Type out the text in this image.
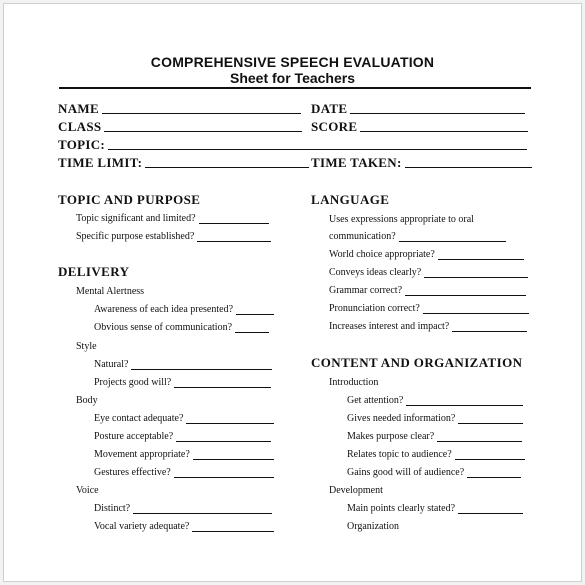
COMPREHENSIVE SPEECH EVALUATION
Sheet for Teachers
NAME	DATE
CLASS	SCORE
TOPIC:
TIME LIMIT:	TIME TAKEN:
TOPIC AND PURPOSE
Topic significant and limited?
Specific purpose established?
DELIVERY
Mental Alertness
Awareness of each idea presented?
Obvious sense of communication?
Style
Natural?
Projects good will?
Body
Eye contact adequate?
Posture acceptable?
Movement appropriate?
Gestures effective?
Voice
Distinct?
Vocal variety adequate?
LANGUAGE
Uses expressions appropriate to oral
communication?
World choice appropriate?
Conveys ideas clearly?
Grammar correct?
Pronunciation correct?
Increases interest and impact?
CONTENT AND ORGANIZATION
Introduction
Get attention?
Gives needed information?
Makes purpose clear?
Relates topic to audience?
Gains good will of audience?
Development
Main points clearly stated?
Organization
